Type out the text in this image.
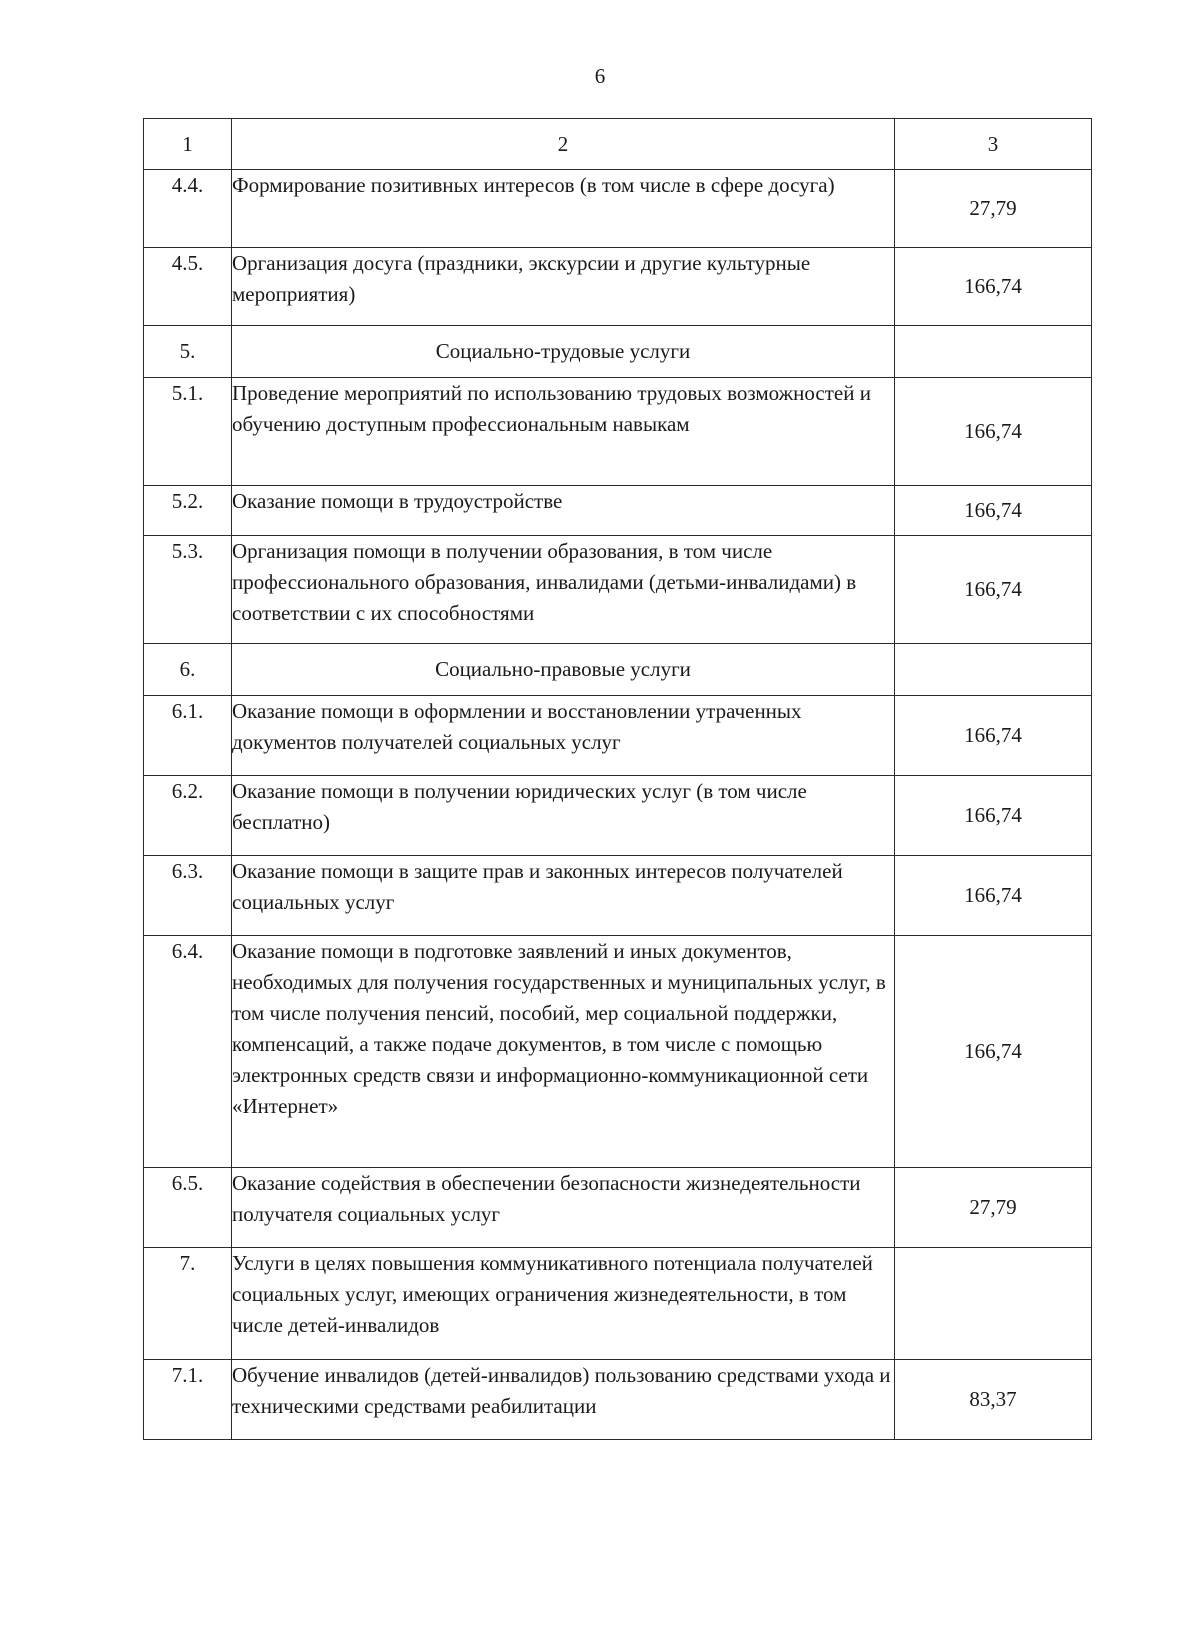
6
1	2	3
4.4.	Формирование позитивных интересов (в том числе в сфере досуга)	27,79
4.5.	Организация досуга (праздники, экскурсии и другие культурные мероприятия)	166,74
5.	Социально-трудовые услуги	
5.1.	Проведение мероприятий по использованию трудовых возможностей и обучению доступным профессиональным навыкам	166,74
5.2.	Оказание помощи в трудоустройстве	166,74
5.3.	Организация помощи в получении образования, в том числе профессионального образования, инвалидами (детьми-инвалидами) в соответствии с их способностями	166,74
6.	Социально-правовые услуги	
6.1.	Оказание помощи в оформлении и восстановлении утраченных документов получателей социальных услуг	166,74
6.2.	Оказание помощи в получении юридических услуг (в том числе бесплатно)	166,74
6.3.	Оказание помощи в защите прав и законных интересов получателей социальных услуг	166,74
6.4.	Оказание помощи в подготовке заявлений и иных документов, необходимых для получения государственных и муниципальных услуг, в том числе получения пенсий, пособий, мер социальной поддержки, компенсаций, а также подаче документов, в том числе с помощью электронных средств связи и информационно-коммуникационной сети «Интернет»	166,74
6.5.	Оказание содействия в обеспечении безопасности жизнедеятельности получателя социальных услуг	27,79
7.	Услуги в целях повышения коммуникативного потенциала получателей социальных услуг, имеющих ограничения жизнедеятельности, в том числе детей-инвалидов	
7.1.	Обучение инвалидов (детей-инвалидов) пользованию средствами ухода и техническими средствами реабилитации	83,37
